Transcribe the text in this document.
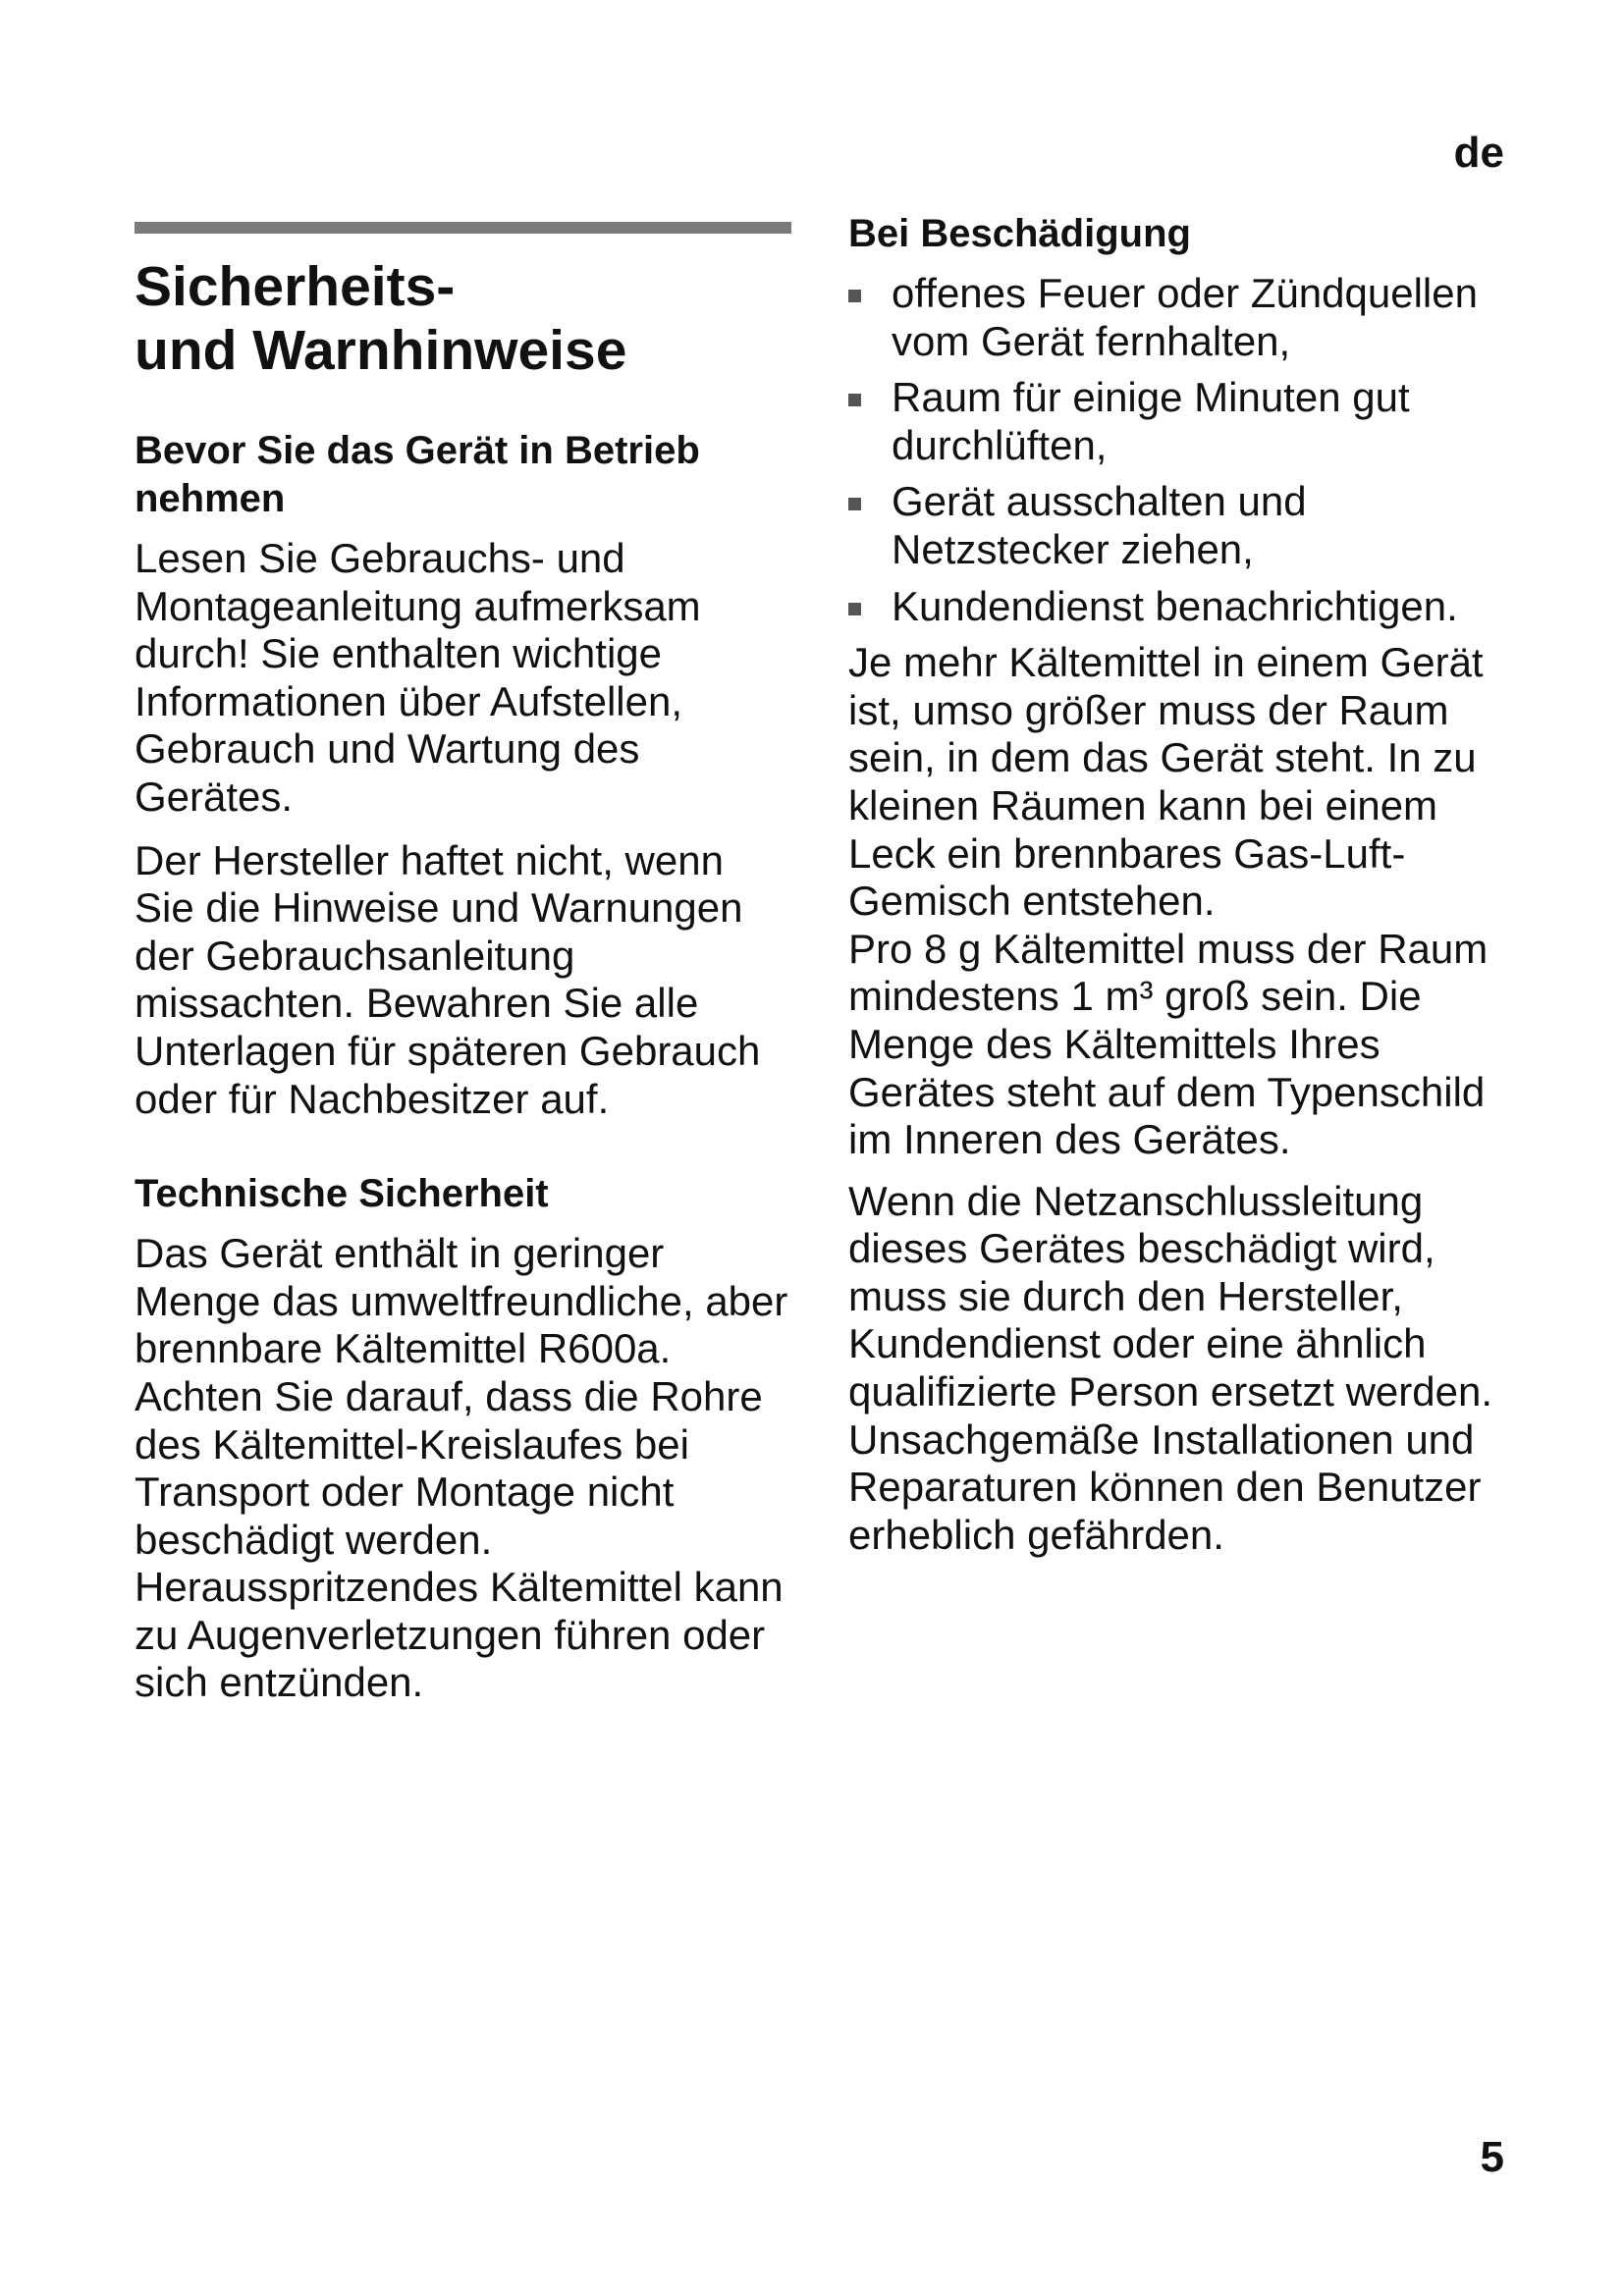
de
Sicherheits-
und Warnhinweise
Bevor Sie das Gerät in Betrieb nehmen

Lesen Sie Gebrauchs- und Montageanleitung aufmerksam durch! Sie enthalten wichtige Informationen über Aufstellen, Gebrauch und Wartung des Gerätes.

Der Hersteller haftet nicht, wenn Sie die Hinweise und Warnungen der Gebrauchsanleitung missachten. Bewahren Sie alle Unterlagen für späteren Gebrauch oder für Nachbesitzer auf.

Technische Sicherheit

Das Gerät enthält in geringer Menge das umweltfreundliche, aber brennbare Kältemittel R600a. Achten Sie darauf, dass die Rohre des Kältemittel-Kreislaufes bei Transport oder Montage nicht beschädigt werden. Herausspritzendes Kältemittel kann zu Augenverletzungen führen oder sich entzünden.

Bei Beschädigung
offenes Feuer oder Zündquellen vom Gerät fernhalten,
Raum für einige Minuten gut durchlüften,
Gerät ausschalten und Netzstecker ziehen,
Kundendienst benachrichtigen.

Je mehr Kältemittel in einem Gerät ist, umso größer muss der Raum sein, in dem das Gerät steht. In zu kleinen Räumen kann bei einem Leck ein brennbares Gas-Luft-Gemisch entstehen.

Pro 8 g Kältemittel muss der Raum mindestens 1 m³ groß sein. Die Menge des Kältemittels Ihres Gerätes steht auf dem Typenschild im Inneren des Gerätes.

Wenn die Netzanschlussleitung dieses Gerätes beschädigt wird, muss sie durch den Hersteller, Kundendienst oder eine ähnlich qualifizierte Person ersetzt werden. Unsachgemäße Installationen und Reparaturen können den Benutzer erheblich gefährden.

5
